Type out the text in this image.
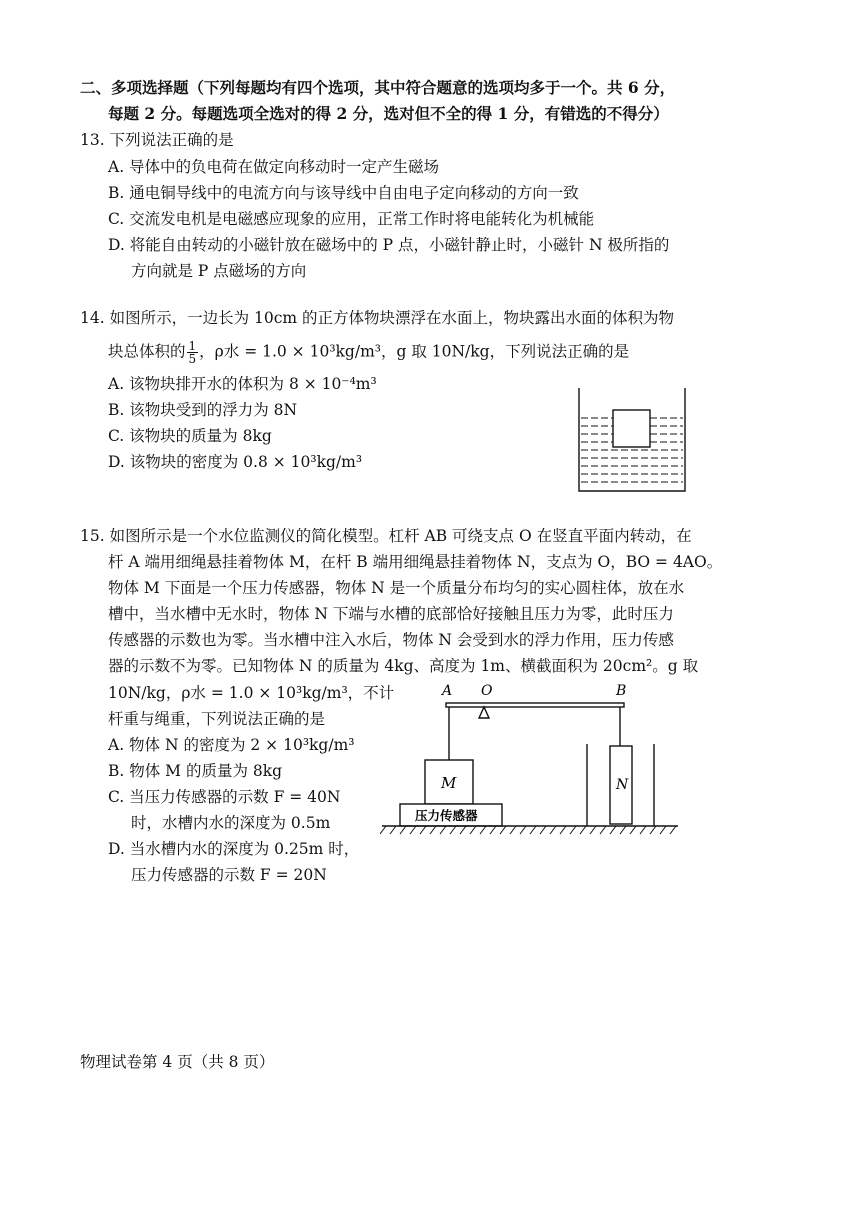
二、多项选择题（下列每题均有四个选项，其中符合题意的选项均多于一个。共 6 分，
每题 2 分。每题选项全选对的得 2 分，选对但不全的得 1 分，有错选的不得分）
13. 下列说法正确的是
A. 导体中的负电荷在做定向移动时一定产生磁场
B. 通电铜导线中的电流方向与该导线中自由电子定向移动的方向一致
C. 交流发电机是电磁感应现象的应用，正常工作时将电能转化为机械能
D. 将能自由转动的小磁针放在磁场中的 P 点，小磁针静止时，小磁针 N 极所指的
方向就是 P 点磁场的方向
14. 如图所示，一边长为 10cm 的正方体物块漂浮在水面上，物块露出水面的体积为物
块总体积的 $\frac{1}{5}$ ，ρ水 = 1.0 × 10³kg/m³，g 取 10N/kg，下列说法正确的是
A. 该物块排开水的体积为 8 × 10⁻⁴m³
B. 该物块受到的浮力为 8N
C. 该物块的质量为 8kg
D. 该物块的密度为 0.8 × 10³kg/m³
15. 如图所示是一个水位监测仪的简化模型。杠杆 AB 可绕支点 O 在竖直平面内转动，在
杆 A 端用细绳悬挂着物体 M，在杆 B 端用细绳悬挂着物体 N，支点为 O，BO = 4AO。
物体 M 下面是一个压力传感器，物体 N 是一个质量分布均匀的实心圆柱体，放在水
槽中，当水槽中无水时，物体 N 下端与水槽的底部恰好接触且压力为零，此时压力
传感器的示数也为零。当水槽中注入水后，物体 N 会受到水的浮力作用，压力传感
器的示数不为零。已知物体 N 的质量为 4kg、高度为 1m、横截面积为 20cm²。g 取
10N/kg，ρ水 = 1.0 × 10³kg/m³，不计
杆重与绳重，下列说法正确的是
A. 物体 N 的密度为 2 × 10³kg/m³
B. 物体 M 的质量为 8kg
C. 当压力传感器的示数 F = 40N
时，水槽内水的深度为 0.5m
D. 当水槽内水的深度为 0.25m 时，
压力传感器的示数 F = 20N
A O	B
M	N
压力传感器
物理试卷第 4 页（共 8 页）
